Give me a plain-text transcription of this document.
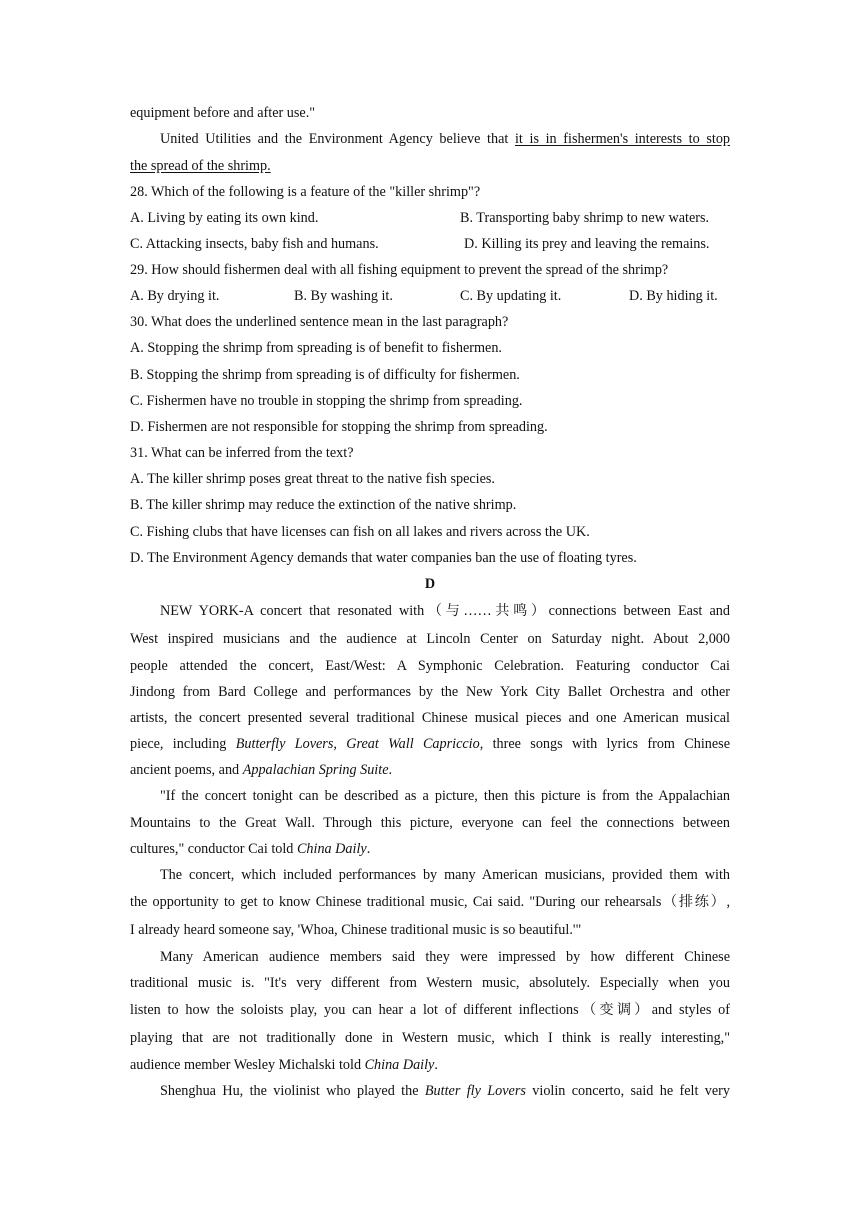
equipment before and after use."
United Utilities and the Environment Agency believe that it is in fishermen's interests to stop
the spread of the shrimp.
28. Which of the following is a feature of the "killer shrimp"?
A. Living by eating its own kind.	B. Transporting baby shrimp to new waters.
C. Attacking insects, baby fish and humans.	D. Killing its prey and leaving the remains.
29. How should fishermen deal with all fishing equipment to prevent the spread of the shrimp?
A. By drying it.	B. By washing it.	C. By updating it.	D. By hiding it.
30. What does the underlined sentence mean in the last paragraph?
A. Stopping the shrimp from spreading is of benefit to fishermen.
B. Stopping the shrimp from spreading is of difficulty for fishermen.
C. Fishermen have no trouble in stopping the shrimp from spreading.
D. Fishermen are not responsible for stopping the shrimp from spreading.
31. What can be inferred from the text?
A. The killer shrimp poses great threat to the native fish species.
B. The killer shrimp may reduce the extinction of the native shrimp.
C. Fishing clubs that have licenses can fish on all lakes and rivers across the UK.
D. The Environment Agency demands that water companies ban the use of floating tyres.
D
NEW YORK-A concert that resonated with（与……共鸣）connections between East and
West inspired musicians and the audience at Lincoln Center on Saturday night. About 2,000
people attended the concert, East/West: A Symphonic Celebration. Featuring conductor Cai
Jindong from Bard College and performances by the New York City Ballet Orchestra and other
artists, the concert presented several traditional Chinese musical pieces and one American musical
piece, including Butterfly Lovers, Great Wall Capriccio, three songs with lyrics from Chinese
ancient poems, and Appalachian Spring Suite.
"If the concert tonight can be described as a picture, then this picture is from the Appalachian
Mountains to the Great Wall. Through this picture, everyone can feel the connections between
cultures," conductor Cai told China Daily.
The concert, which included performances by many American musicians, provided them with
the opportunity to get to know Chinese traditional music, Cai said. "During our rehearsals（排练）,
I already heard someone say, 'Whoa, Chinese traditional music is so beautiful.'"
Many American audience members said they were impressed by how different Chinese
traditional music is. "It's very different from Western music, absolutely. Especially when you
listen to how the soloists play, you can hear a lot of different inflections（变调）and styles of
playing that are not traditionally done in Western music, which I think is really interesting,"
audience member Wesley Michalski told China Daily.
Shenghua Hu, the violinist who played the Butter fly Lovers violin concerto, said he felt very
